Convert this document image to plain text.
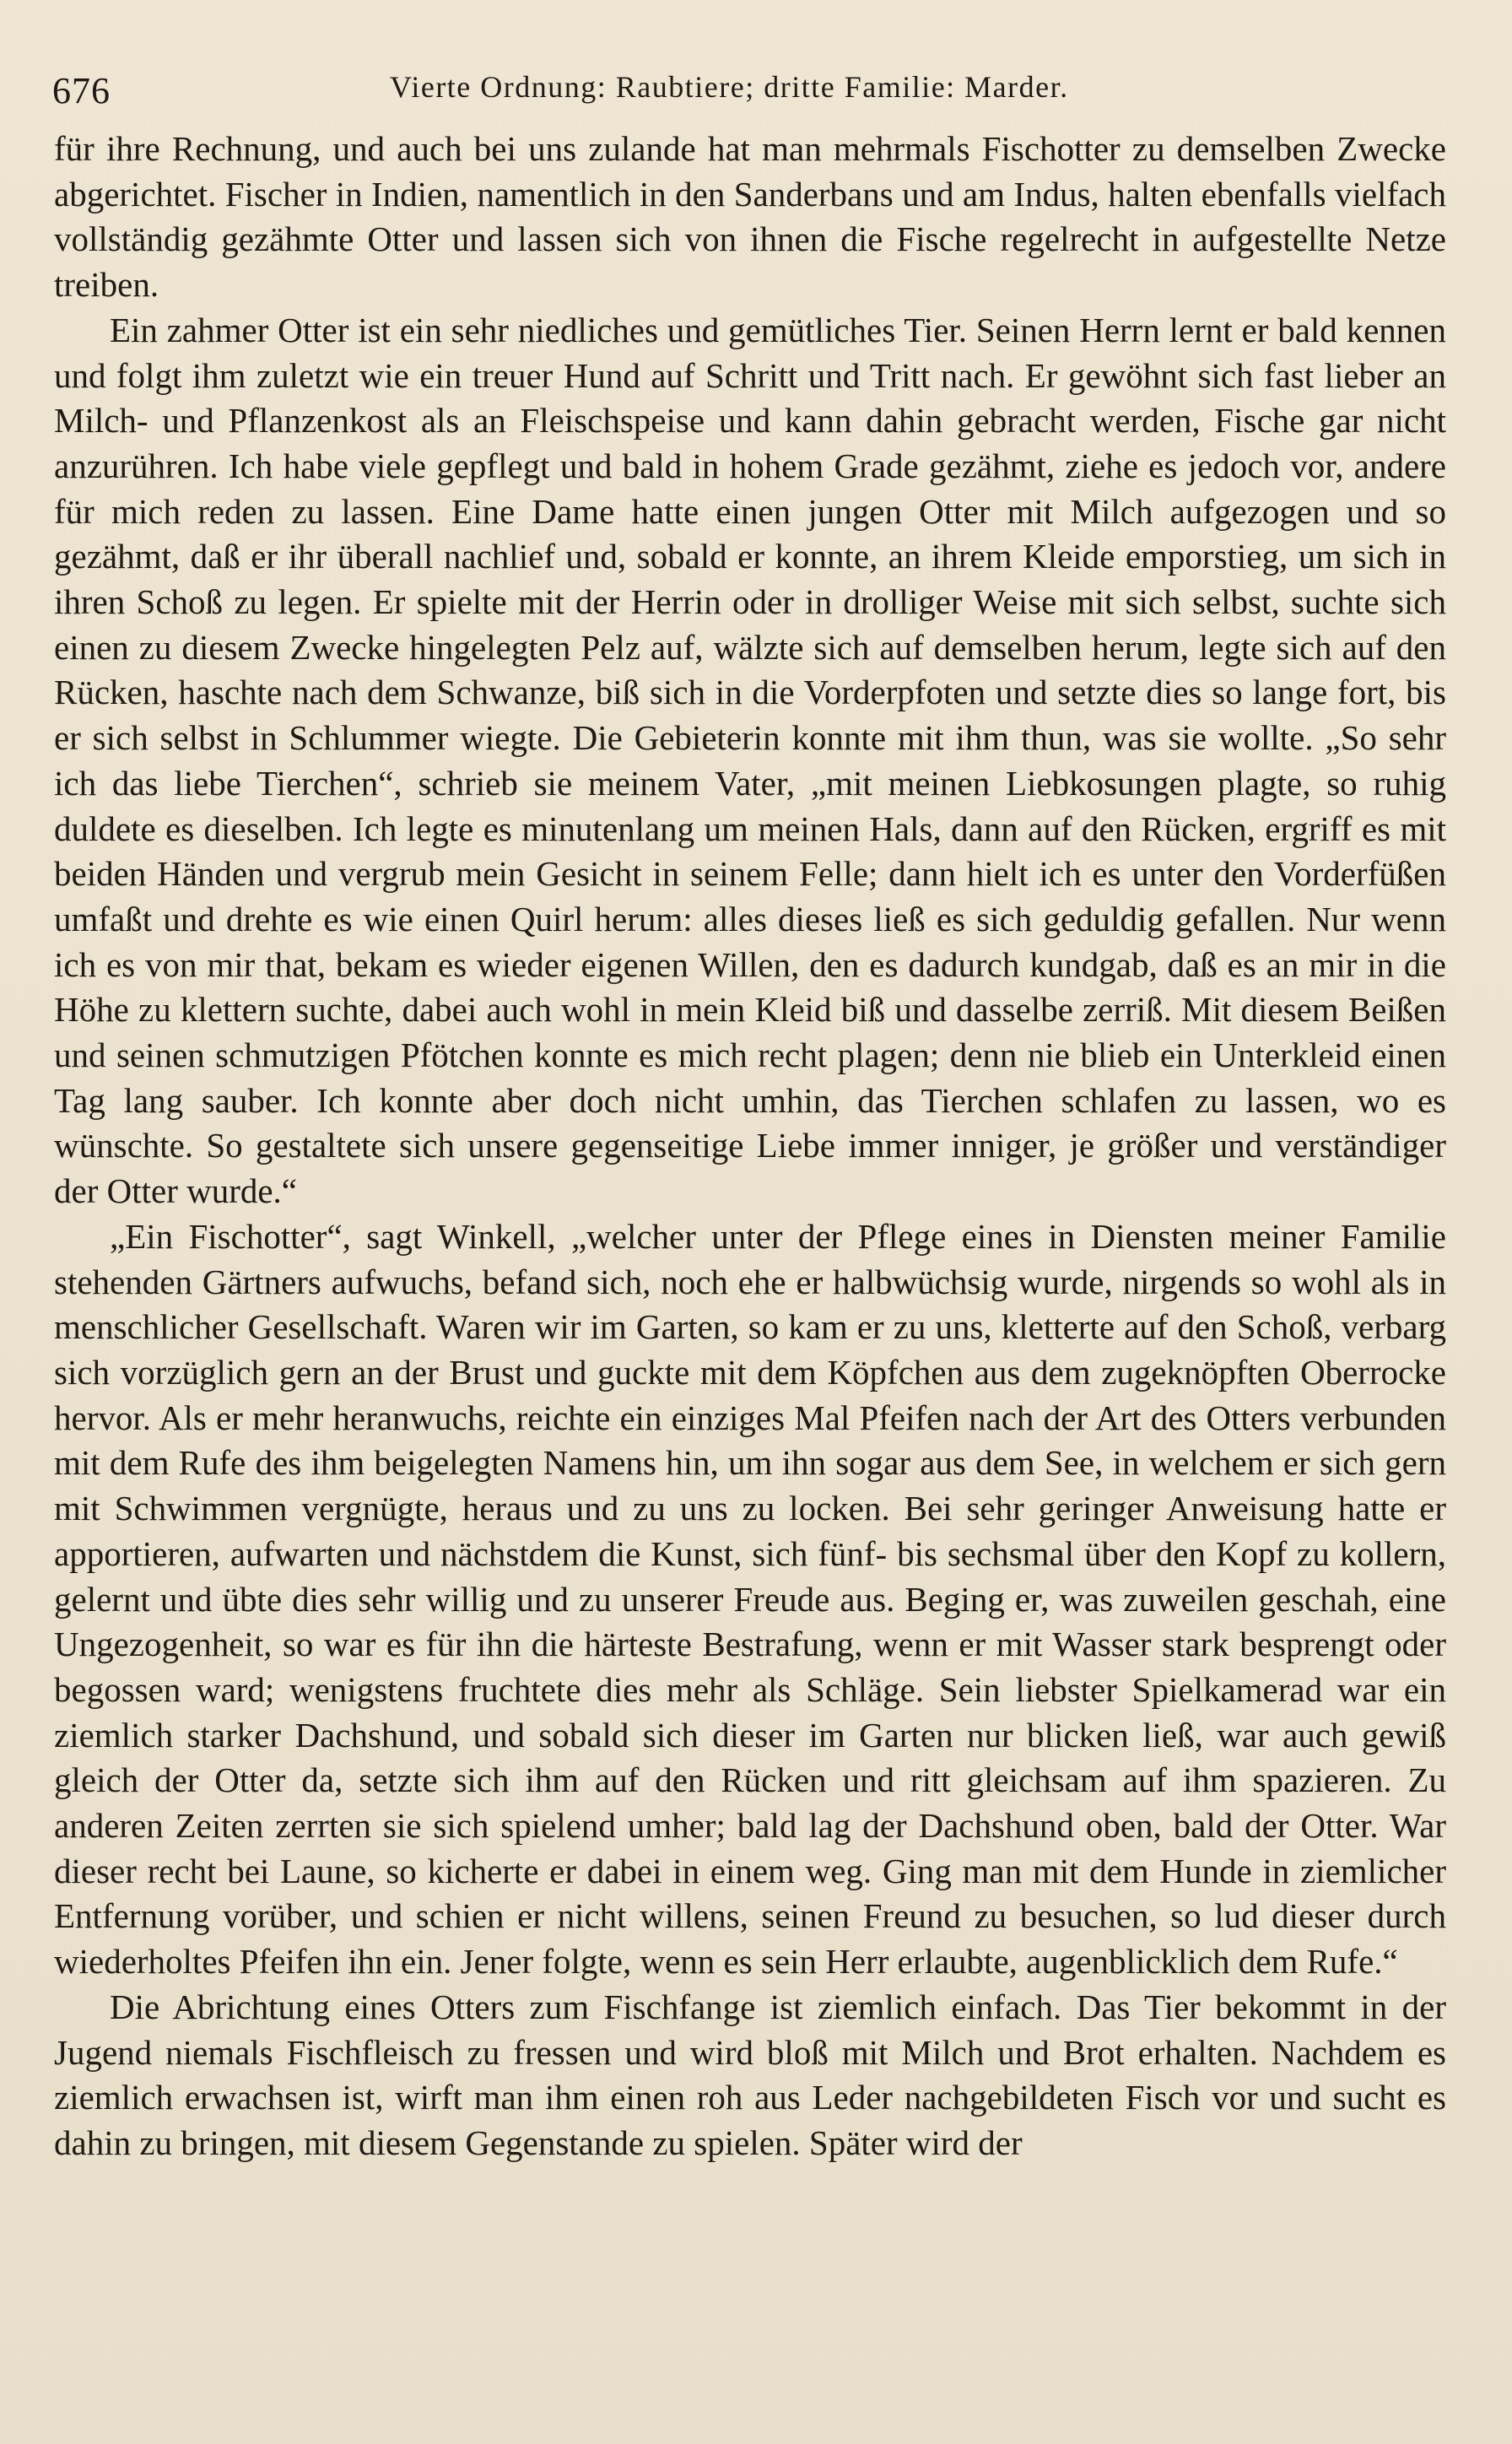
676	Vierte Ordnung: Raubtiere; dritte Familie: Marder.

für ihre Rechnung, und auch bei uns zulande hat man mehrmals Fischotter zu demselben Zwecke abgerichtet. Fischer in Indien, namentlich in den Sanderbans und am Indus, halten ebenfalls vielfach vollständig gezähmte Otter und lassen sich von ihnen die Fische regelrecht in aufgestellte Netze treiben.

Ein zahmer Otter ist ein sehr niedliches und gemütliches Tier. Seinen Herrn lernt er bald kennen und folgt ihm zuletzt wie ein treuer Hund auf Schritt und Tritt nach. Er gewöhnt sich fast lieber an Milch- und Pflanzenkost als an Fleischspeise und kann dahin gebracht werden, Fische gar nicht anzurühren. Ich habe viele gepflegt und bald in hohem Grade gezähmt, ziehe es jedoch vor, andere für mich reden zu lassen. Eine Dame hatte einen jungen Otter mit Milch aufgezogen und so gezähmt, daß er ihr überall nachlief und, sobald er konnte, an ihrem Kleide emporstieg, um sich in ihren Schoß zu legen. Er spielte mit der Herrin oder in drolliger Weise mit sich selbst, suchte sich einen zu diesem Zwecke hingelegten Pelz auf, wälzte sich auf demselben herum, legte sich auf den Rücken, haschte nach dem Schwanze, biß sich in die Vorderpfoten und setzte dies so lange fort, bis er sich selbst in Schlummer wiegte. Die Gebieterin konnte mit ihm thun, was sie wollte. „So sehr ich das liebe Tierchen“, schrieb sie meinem Vater, „mit meinen Liebkosungen plagte, so ruhig duldete es dieselben. Ich legte es minutenlang um meinen Hals, dann auf den Rücken, ergriff es mit beiden Händen und vergrub mein Gesicht in seinem Felle; dann hielt ich es unter den Vorderfüßen umfaßt und drehte es wie einen Quirl herum: alles dieses ließ es sich geduldig gefallen. Nur wenn ich es von mir that, bekam es wieder eigenen Willen, den es dadurch kundgab, daß es an mir in die Höhe zu klettern suchte, dabei auch wohl in mein Kleid biß und dasselbe zerriß. Mit diesem Beißen und seinen schmutzigen Pfötchen konnte es mich recht plagen; denn nie blieb ein Unterkleid einen Tag lang sauber. Ich konnte aber doch nicht umhin, das Tierchen schlafen zu lassen, wo es wünschte. So gestaltete sich unsere gegenseitige Liebe immer inniger, je größer und verständiger der Otter wurde.“

„Ein Fischotter“, sagt Winkell, „welcher unter der Pflege eines in Diensten meiner Familie stehenden Gärtners aufwuchs, befand sich, noch ehe er halbwüchsig wurde, nirgends so wohl als in menschlicher Gesellschaft. Waren wir im Garten, so kam er zu uns, kletterte auf den Schoß, verbarg sich vorzüglich gern an der Brust und guckte mit dem Köpfchen aus dem zugeknöpften Oberrocke hervor. Als er mehr heranwuchs, reichte ein einziges Mal Pfeifen nach der Art des Otters verbunden mit dem Rufe des ihm beigelegten Namens hin, um ihn sogar aus dem See, in welchem er sich gern mit Schwimmen vergnügte, heraus und zu uns zu locken. Bei sehr geringer Anweisung hatte er apportieren, aufwarten und nächstdem die Kunst, sich fünf- bis sechsmal über den Kopf zu kollern, gelernt und übte dies sehr willig und zu unserer Freude aus. Beging er, was zuweilen geschah, eine Ungezogenheit, so war es für ihn die härteste Bestrafung, wenn er mit Wasser stark besprengt oder begossen ward; wenigstens fruchtete dies mehr als Schläge. Sein liebster Spielkamerad war ein ziemlich starker Dachshund, und sobald sich dieser im Garten nur blicken ließ, war auch gewiß gleich der Otter da, setzte sich ihm auf den Rücken und ritt gleichsam auf ihm spazieren. Zu anderen Zeiten zerrten sie sich spielend umher; bald lag der Dachshund oben, bald der Otter. War dieser recht bei Laune, so kicherte er dabei in einem weg. Ging man mit dem Hunde in ziemlicher Entfernung vorüber, und schien er nicht willens, seinen Freund zu besuchen, so lud dieser durch wiederholtes Pfeifen ihn ein. Jener folgte, wenn es sein Herr erlaubte, augenblicklich dem Rufe.“

Die Abrichtung eines Otters zum Fischfange ist ziemlich einfach. Das Tier bekommt in der Jugend niemals Fischfleisch zu fressen und wird bloß mit Milch und Brot erhalten. Nachdem es ziemlich erwachsen ist, wirft man ihm einen roh aus Leder nachgebildeten Fisch vor und sucht es dahin zu bringen, mit diesem Gegenstande zu spielen. Später wird der
